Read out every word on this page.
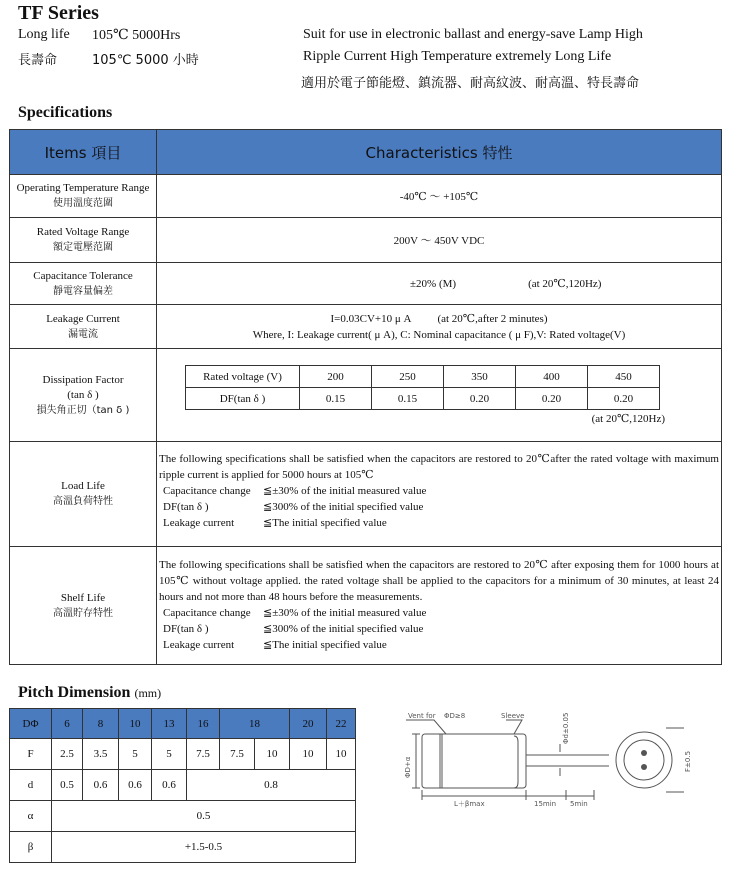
TF Series
Long life 105℃ 5000Hrs
長壽命	105℃ 5000 小時
Suit for use in electronic ballast and energy-save Lamp High
Ripple Current High Temperature extremely Long Life
適用於電子節能燈、鎮流器、耐高紋波、耐高溫、特長壽命
Specifications
Items 項目	Characteristics 特性

Operating Temperature Range
使用溫度范圍
	-40℃ ～ +105℃

Rated Voltage Range
額定電壓范圍
	200V ～ 450V VDC

Capacitance Tolerance
靜電容量偏差
	±20% (M)	(at 20℃,120Hz)

Leakage Current
漏電流

I=0.03CV+10 μ A (at 20℃,after 2 minutes)
Where, I: Leakage current( μ A), C: Nominal capacitance ( μ F),V: Rated voltage(V)

Dissipation Factor
(tan δ )
損失角正切（tan δ )

Rated voltage (V)	200	250	350	400	450
DF(tan δ )	0.15	0.15	0.20	0.20	0.20
(at 20℃,120Hz)

Load Life
高溫負荷特性

The following specifications shall be satisfied when the capacitors are restored to 20℃after the rated voltage with maximum ripple current is applied for 5000 hours at 105℃
Capacitance change ≦±30% of the initial measured value
DF(tan δ )	≦300% of the initial specified value
Leakage current	≦The initial specified value

Shelf Life
高溫貯存特性

The following specifications shall be satisfied when the capacitors are restored to 20℃ after exposing them for 1000 hours at 105℃ without voltage applied. the rated voltage shall be applied to the capacitors for a minimum of 30 minutes, at least 24 hours and not more than 48 hours before the measurements.
Capacitance change ≦±30% of the initial measured value
DF(tan δ )	≦300% of the initial specified value
Leakage current	≦The initial specified value
Pitch Dimension (mm)
DΦ	6	8	10	13	16	18		20	22
F	2.5	3.5	5	5	7.5	7.5	10	10	10
d	0.5	0.6	0.6	0.6	0.8				
α	0.5								
β	+1.5-0.5								
Vent for ΦD≥8	Sleeve	Φd±0.05
ΦD+α
L＋βmax	15min 5min
F±0.5
